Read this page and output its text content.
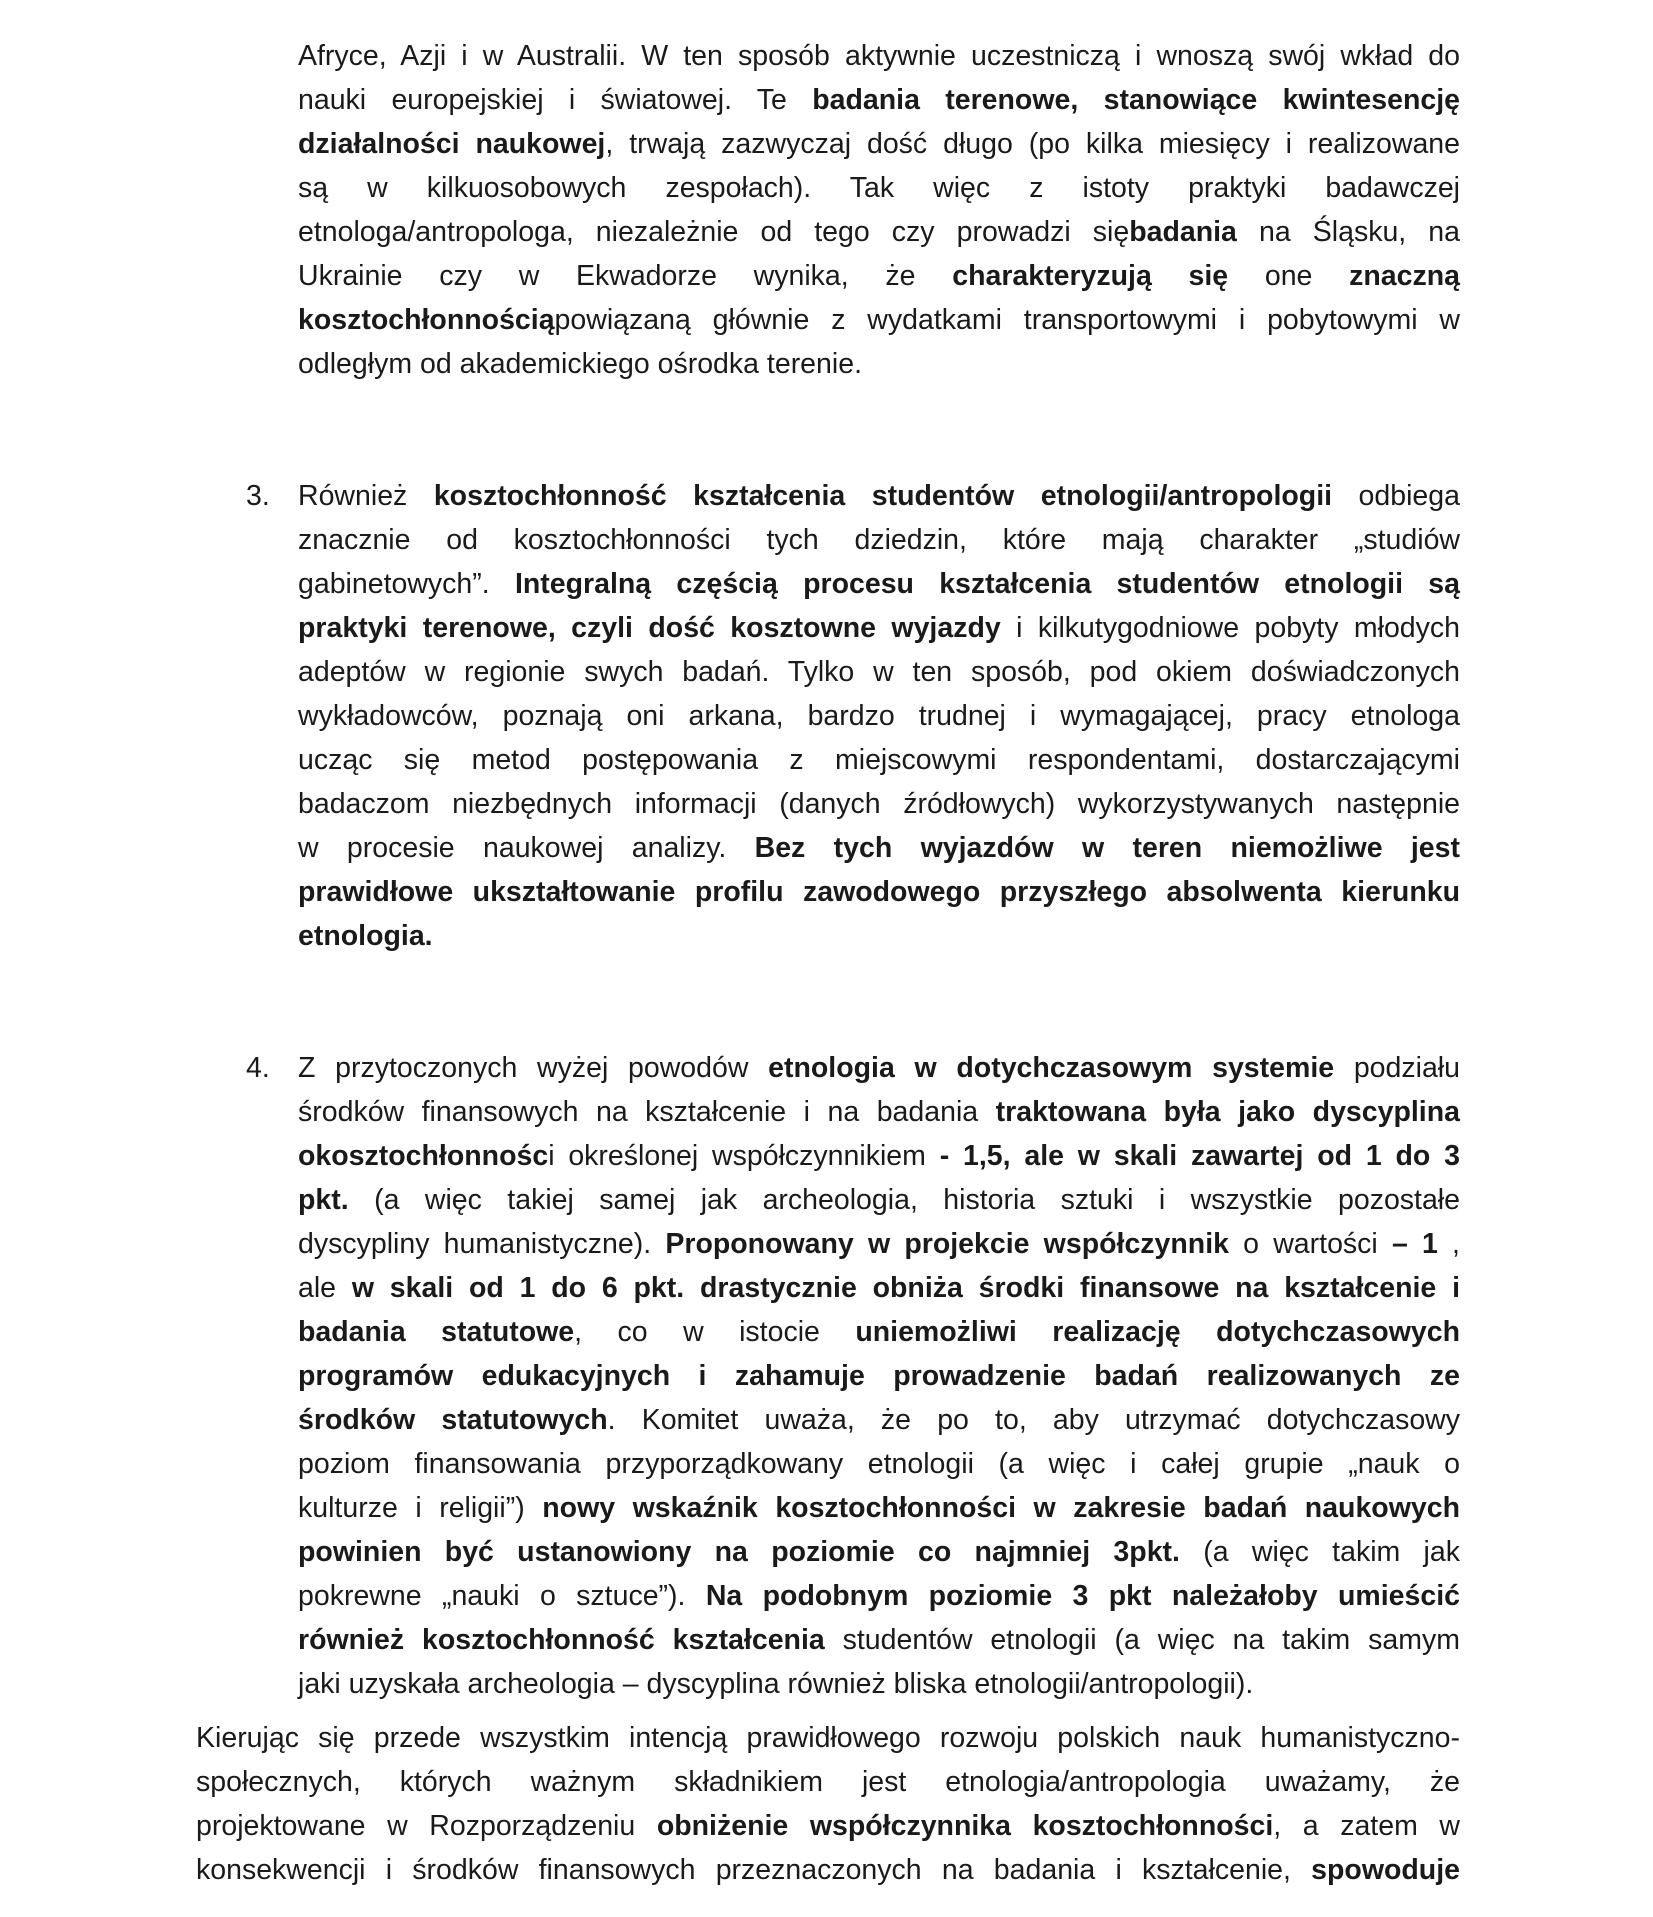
Afryce, Azji i w Australii. W ten sposób aktywnie uczestniczą i wnoszą swój wkład do
nauki europejskiej i światowej. Te badania terenowe, stanowiące kwintesencję
działalności naukowej, trwają zazwyczaj dość długo (po kilka miesięcy i realizowane
są w kilkuosobowych zespołach). Tak więc z istoty praktyki badawczej
etnologa/antropologa, niezależnie od tego czy prowadzi siębadania na Śląsku, na
Ukrainie czy w Ekwadorze wynika, że charakteryzują się one znaczną
kosztochłonnościąpowiązaną głównie z wydatkami transportowymi i pobytowymi w
odległym od akademickiego ośrodka terenie.
3. Również kosztochłonność kształcenia studentów etnologii/antropologii odbiega
znacznie od kosztochłonności tych dziedzin, które mają charakter „studiów
gabinetowych”. Integralną częścią procesu kształcenia studentów etnologii są
praktyki terenowe, czyli dość kosztowne wyjazdy i kilkutygodniowe pobyty młodych
adeptów w regionie swych badań. Tylko w ten sposób, pod okiem doświadczonych
wykładowców, poznają oni arkana, bardzo trudnej i wymagającej, pracy etnologa
ucząc się metod postępowania z miejscowymi respondentami, dostarczającymi
badaczom niezbędnych informacji (danych źródłowych) wykorzystywanych następnie
w procesie naukowej analizy. Bez tych wyjazdów w teren niemożliwe jest
prawidłowe ukształtowanie profilu zawodowego przyszłego absolwenta kierunku
etnologia.
4. Z przytoczonych wyżej powodów etnologia w dotychczasowym systemie podziału
środków finansowych na kształcenie i na badania traktowana była jako dyscyplina
okosztochłonności określonej współczynnikiem - 1,5, ale w skali zawartej od 1 do 3
pkt. (a więc takiej samej jak archeologia, historia sztuki i wszystkie pozostałe
dyscypliny humanistyczne). Proponowany w projekcie współczynnik o wartości – 1 ,
ale w skali od 1 do 6 pkt. drastycznie obniża środki finansowe na kształcenie i
badania statutowe, co w istocie uniemożliwi realizację dotychczasowych
programów edukacyjnych i zahamuje prowadzenie badań realizowanych ze
środków statutowych. Komitet uważa, że po to, aby utrzymać dotychczasowy
poziom finansowania przyporządkowany etnologii (a więc i całej grupie „nauk o
kulturze i religii”) nowy wskaźnik kosztochłonności w zakresie badań naukowych
powinien być ustanowiony na poziomie co najmniej 3pkt. (a więc takim jak
pokrewne „nauki o sztuce”). Na podobnym poziomie 3 pkt należałoby umieścić
również kosztochłonność kształcenia studentów etnologii (a więc na takim samym
jaki uzyskała archeologia – dyscyplina również bliska etnologii/antropologii).
Kierując się przede wszystkim intencją prawidłowego rozwoju polskich nauk humanistyczno-
społecznych, których ważnym składnikiem jest etnologia/antropologia uważamy, że
projektowane w Rozporządzeniu obniżenie współczynnika kosztochłonności, a zatem w
konsekwencji i środków finansowych przeznaczonych na badania i kształcenie, spowoduje
